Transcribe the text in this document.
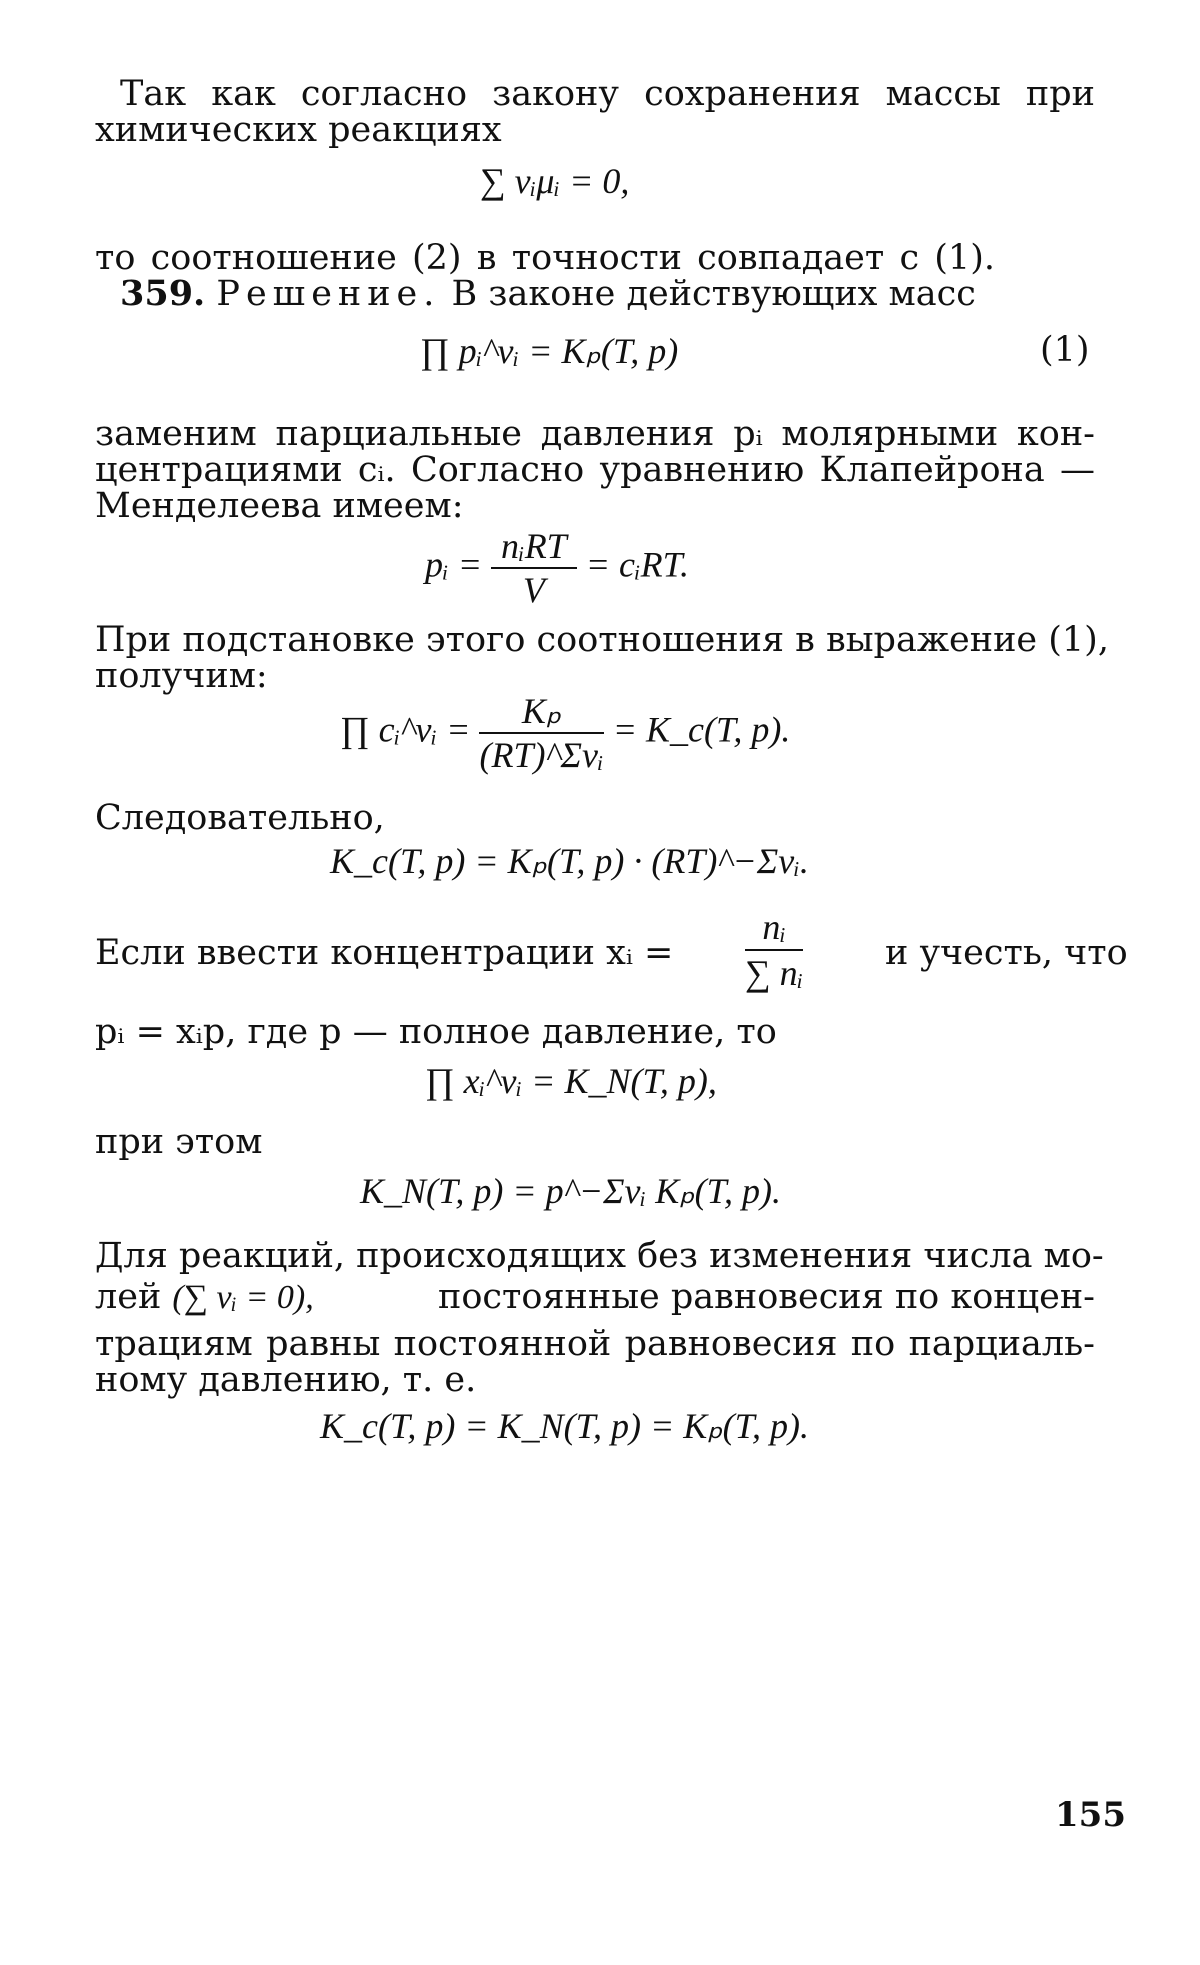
Так как согласно закону сохранения массы при
химических реакциях
∑ νᵢμᵢ = 0,
то соотношение (2) в точности совпадает с (1).
359. Решение. В законе действующих масс
∏ pᵢ^νᵢ = Kₚ(T, p)	(1)
заменим парциальные давления pᵢ молярными кон-
центрациями cᵢ. Согласно уравнению Клапейрона —
Менделеева имеем:
pᵢ = $\frac{\text{nᵢRT}}{V}$ = cᵢRT.
При подстановке этого соотношения в выражение (1),
получим:
∏ cᵢ^νᵢ = $\frac{\text{Kₚ}}{\text{(RT)\textasciicircum{}Σνᵢ}}$ = K_c(T, p).
Следовательно,
K_c(T, p) = Kₚ(T, p) · (RT)^−Σνᵢ.
Если ввести концентрации xᵢ = $\frac{\text{nᵢ}}{\text{∑ nᵢ}}$ и учесть, что
pᵢ = xᵢp, где p — полное давление, то
∏ xᵢ^νᵢ = K_N(T, p),
при этом
K_N(T, p) = p^−Σνᵢ Kₚ(T, p).
Для реакций, происходящих без изменения числа мо-
лей (∑ νᵢ = 0),	постоянные равновесия по концен-
трациям равны постоянной равновесия по парциаль-
ному давлению, т. е.
K_c(T, p) = K_N(T, p) = Kₚ(T, p).
155
